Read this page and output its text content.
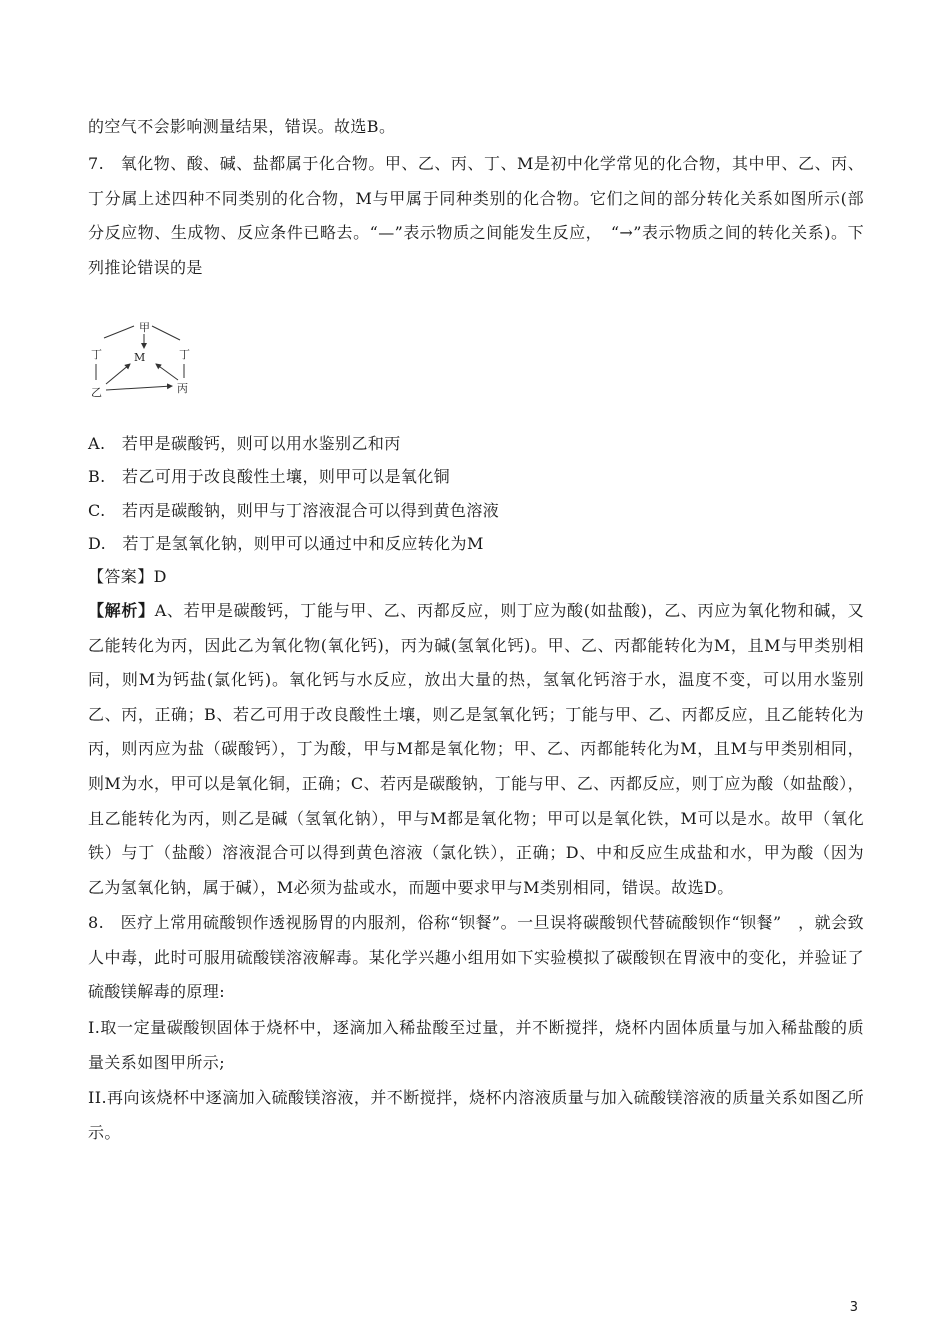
的空气不会影响测量结果，错误。故选B。

7.　氧化物、酸、碱、盐都属于化合物。甲、乙、丙、丁、M是初中化学常见的化合物，其中甲、乙、丙、丁分属上述四种不同类别的化合物，M与甲属于同种类别的化合物。它们之间的部分转化关系如图所示(部分反应物、生成物、反应条件已略去。“—”表示物质之间能发生反应，　“→”表示物质之间的转化关系)。下列推论错误的是

甲
丁	丁
M
乙	丙

A.　若甲是碳酸钙，则可以用水鉴别乙和丙

B.　若乙可用于改良酸性土壤，则甲可以是氧化铜

C.　若丙是碳酸钠，则甲与丁溶液混合可以得到黄色溶液

D.　若丁是氢氧化钠，则甲可以通过中和反应转化为M

【答案】D

【解析】A、若甲是碳酸钙，丁能与甲、乙、丙都反应，则丁应为酸(如盐酸)，乙、丙应为氧化物和碱，又乙能转化为丙，因此乙为氧化物(氧化钙)，丙为碱(氢氧化钙)。甲、乙、丙都能转化为M，且M与甲类别相同，则M为钙盐(氯化钙)。氧化钙与水反应，放出大量的热，氢氧化钙溶于水，温度不变，可以用水鉴别乙、丙，正确；B、若乙可用于改良酸性土壤，则乙是氢氧化钙；丁能与甲、乙、丙都反应，且乙能转化为丙，则丙应为盐（碳酸钙），丁为酸，甲与M都是氧化物；甲、乙、丙都能转化为M，且M与甲类别相同，则M为水，甲可以是氧化铜，正确；C、若丙是碳酸钠，丁能与甲、乙、丙都反应，则丁应为酸（如盐酸），且乙能转化为丙，则乙是碱（氢氧化钠），甲与M都是氧化物；甲可以是氧化铁，M可以是水。故甲（氧化铁）与丁（盐酸）溶液混合可以得到黄色溶液（氯化铁），正确；D、中和反应生成盐和水，甲为酸（因为乙为氢氧化钠，属于碱），M必须为盐或水，而题中要求甲与M类别相同，错误。故选D。

8.　医疗上常用硫酸钡作透视肠胃的内服剂，俗称“钡餐”。一旦误将碳酸钡代替硫酸钡作“钡餐”　，就会致人中毒，此时可服用硫酸镁溶液解毒。某化学兴趣小组用如下实验模拟了碳酸钡在胃液中的变化，并验证了硫酸镁解毒的原理:

I.取一定量碳酸钡固体于烧杯中，逐滴加入稀盐酸至过量，并不断搅拌，烧杯内固体质量与加入稀盐酸的质量关系如图甲所示;

II.再向该烧杯中逐滴加入硫酸镁溶液，并不断搅拌，烧杯内溶液质量与加入硫酸镁溶液的质量关系如图乙所示。

3
